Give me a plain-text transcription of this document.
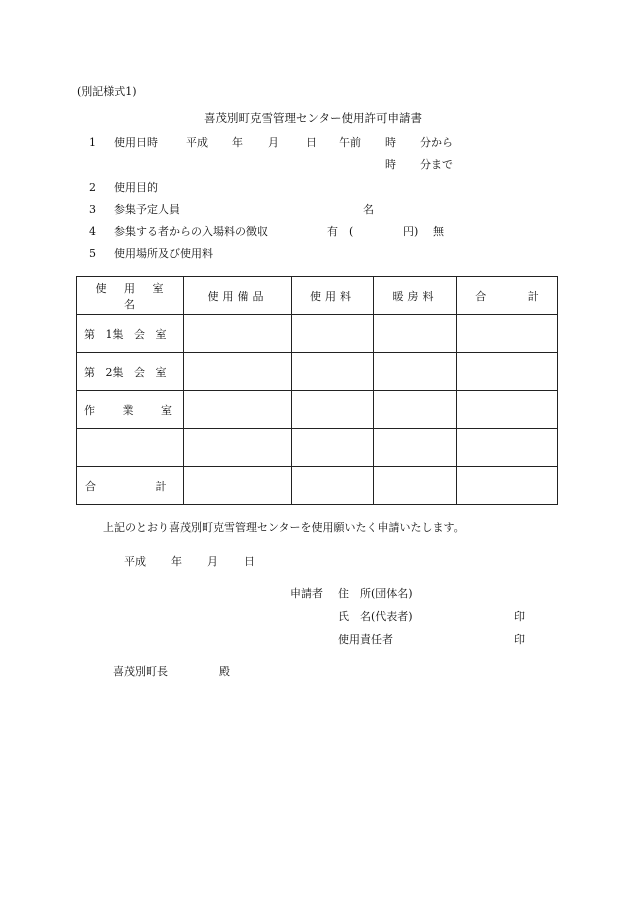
(別記様式1)
喜茂別町克雪管理センター使用許可申請書
1 使用日時	平成 年 月 日 午前 時 分から
時 分まで
2 使用目的
3 参集予定人員	名
4 参集する者からの入場料の徴収	有 (	円) 無
5 使用場所及び使用料
使 用 室 名	使用備品	使用料	暖房料	合 計
第 1集 会 室				
第 2集 会 室				
作 業 室				

合 計				
上記のとおり喜茂別町克雪管理センターを使用願いたく申請いたします。
平成 年 月 日
申請者 住　所(団体名)
氏　名(代表者)	印
使用責任者	印
喜茂別町長	殿
